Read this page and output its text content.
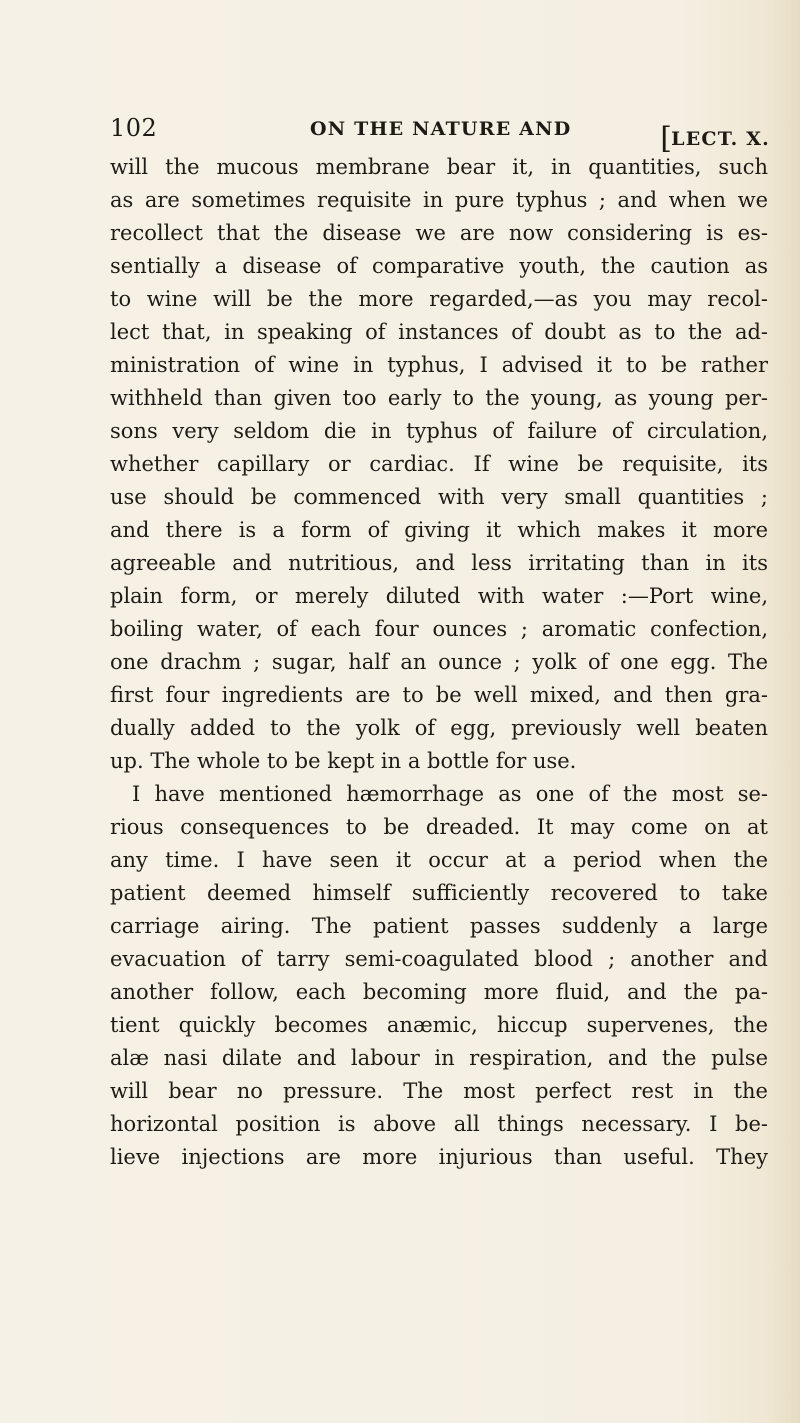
102	ON THE NATURE AND	[LECT. X.
will the mucous membrane bear it, in quantities, such
as are sometimes requisite in pure typhus ; and when we
recollect that the disease we are now considering is es-
sentially a disease of comparative youth, the caution as
to wine will be the more regarded,—as you may recol-
lect that, in speaking of instances of doubt as to the ad-
ministration of wine in typhus, I advised it to be rather
withheld than given too early to the young, as young per-
sons very seldom die in typhus of failure of circulation,
whether capillary or cardiac. If wine be requisite, its
use should be commenced with very small quantities ;
and there is a form of giving it which makes it more
agreeable and nutritious, and less irritating than in its
plain form, or merely diluted with water :—Port wine,
boiling water, of each four ounces ; aromatic confection,
one drachm ; sugar, half an ounce ; yolk of one egg. The
first four ingredients are to be well mixed, and then gra-
dually added to the yolk of egg, previously well beaten
up. The whole to be kept in a bottle for use.
I have mentioned hæmorrhage as one of the most se-
rious consequences to be dreaded. It may come on at
any time. I have seen it occur at a period when the
patient deemed himself sufficiently recovered to take
carriage airing. The patient passes suddenly a large
evacuation of tarry semi-coagulated blood ; another and
another follow, each becoming more fluid, and the pa-
tient quickly becomes anæmic, hiccup supervenes, the
alæ nasi dilate and labour in respiration, and the pulse
will bear no pressure. The most perfect rest in the
horizontal position is above all things necessary. I be-
lieve injections are more injurious than useful. They
